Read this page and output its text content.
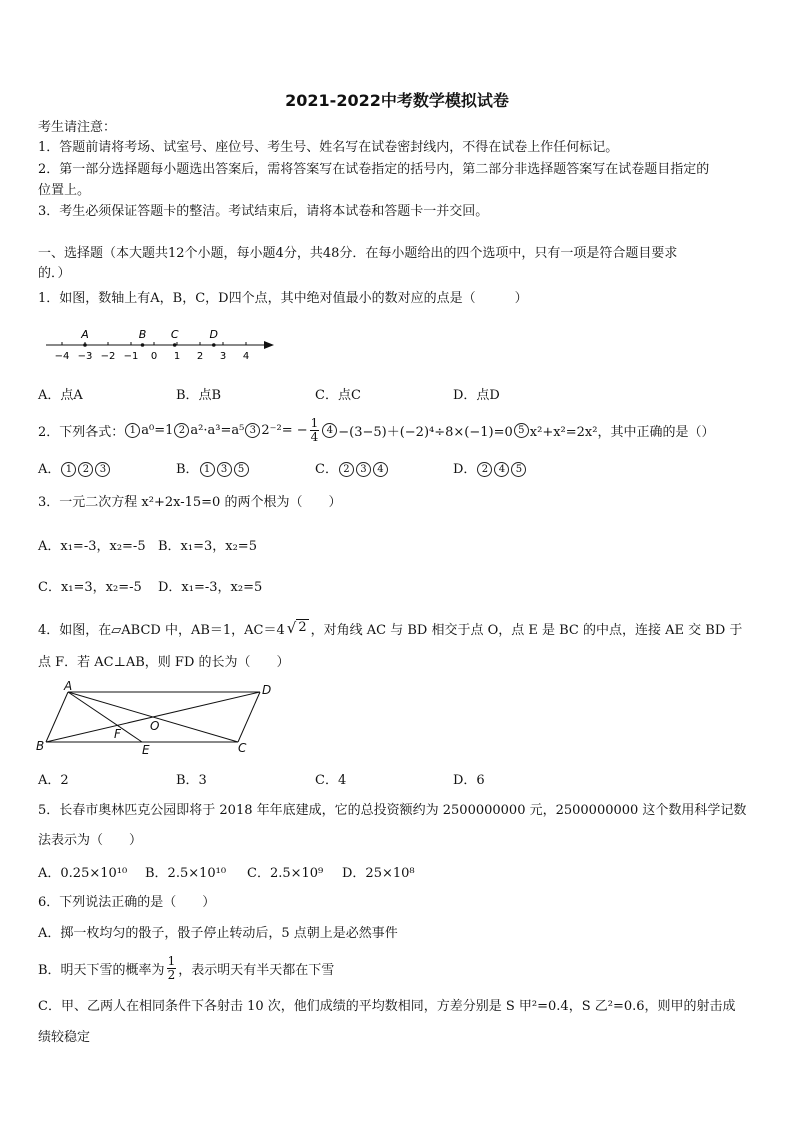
2021-2022中考数学模拟试卷
考生请注意：
1．答题前请将考场、试室号、座位号、考生号、姓名写在试卷密封线内，不得在试卷上作任何标记。
2．第一部分选择题每小题选出答案后，需将答案写在试卷指定的括号内，第二部分非选择题答案写在试卷题目指定的
位置上。
3．考生必须保证答题卡的整洁。考试结束后，请将本试卷和答题卡一并交回。
一、选择题（本大题共12个小题，每小题4分，共48分．在每小题给出的四个选项中，只有一项是符合题目要求
的．）
1．如图，数轴上有A，B，C，D四个点，其中绝对值最小的数对应的点是（　　　）
−4 −3 −2 −1 0 1 2 3 4
A	B C	D
A．点A	B．点B	C．点C	D．点D
2．下列各式： 1 a⁰=1 2 a²·a³=a⁵ 3 $2^{-2}= - \frac{1}{4} 4 -(3-5)+(-2)^4\div 8\times(-1)=0$ 5 x²+x²=2x²，其中正确的是（）
A． 1 2 3	B． 1 3 5	C． 2 3 4	D． 2 4 5
3．一元二次方程 x²+2x-15=0 的两个根为（　　）
A．x₁=-3，x₂=-5 B．x₁=3，x₂=5
C．x₁=3，x₂=-5 D．x₁=-3，x₂=5
4．如图，在▱ABCD 中，AB＝1，AC＝4 √ 2 ，对角线 AC 与 BD 相交于点 O，点 E 是 BC 的中点，连接 AE 交 BD 于
点 F．若 AC⊥AB，则 FD 的长为（　　）
A	D
B	C
O
E
F
A．2	B．3	C．4	D．6
5．长春市奥林匹克公园即将于 2018 年年底建成，它的总投资额约为 2500000000 元，2500000000 这个数用科学记数
法表示为（　　）
A．0.25×10¹⁰ B．2.5×10¹⁰ C．2.5×10⁹ D．25×10⁸
6．下列说法正确的是（　　）
A．掷一枚均匀的骰子，骰子停止转动后，5 点朝上是必然事件
B．明天下雪的概率为 $\frac{1}{2}$ ，表示明天有半天都在下雪
C．甲、乙两人在相同条件下各射击 10 次，他们成绩的平均数相同，方差分别是 S 甲²=0.4，S 乙²=0.6，则甲的射击成
绩较稳定
